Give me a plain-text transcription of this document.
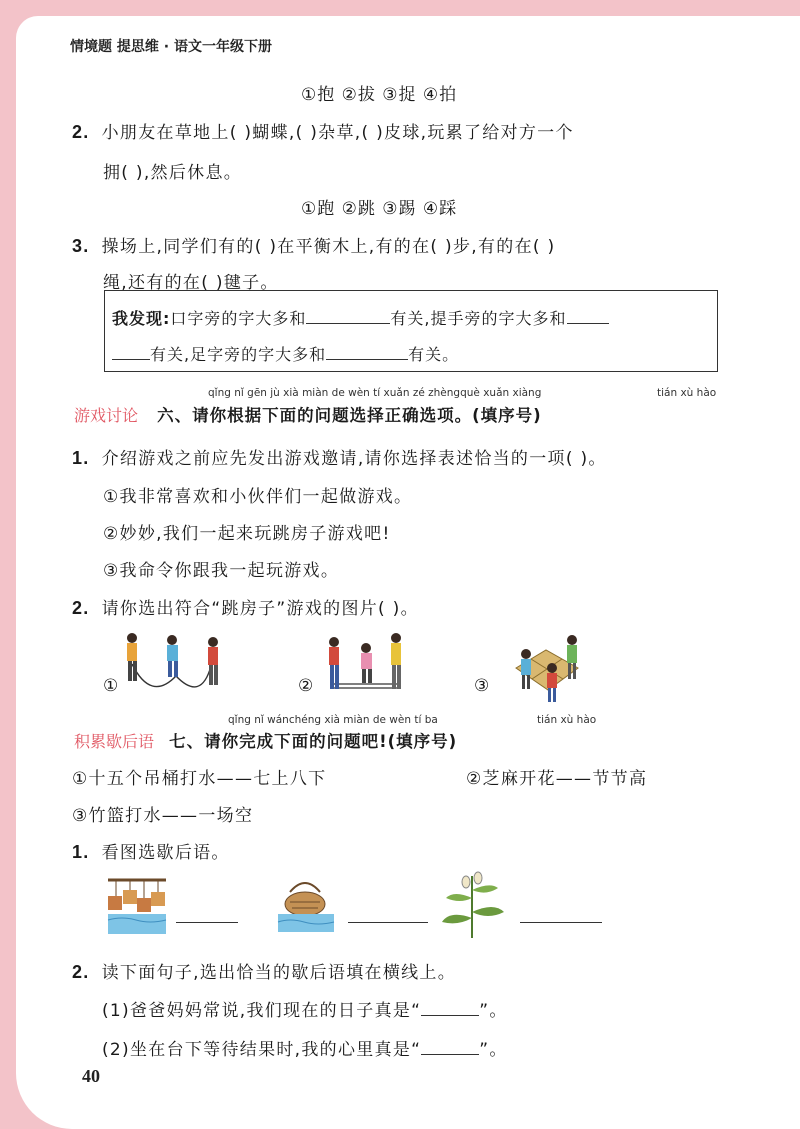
情境题 提思维 · 语文一年级下册
①抱 ②拔 ③捉 ④拍
2. 小朋友在草地上( )蝴蝶,( )杂草,( )皮球,玩累了给对方一个
拥( ),然后休息。
①跑 ②跳 ③踢 ④踩
3. 操场上,同学们有的( )在平衡木上,有的在( )步,有的在( )
绳,还有的在( )毽子。
我发现:口字旁的字大多和	有关,提手旁的字大多和
有关,足字旁的字大多和	有关。
qǐng nǐ gēn jù xià miàn de wèn tí xuǎn zé zhèngquè xuǎn xiàng	tián xù hào
游戏讨论 六、请你根据下面的问题选择正确选项。(填序号)
1. 介绍游戏之前应先发出游戏邀请,请你选择表述恰当的一项( )。
①我非常喜欢和小伙伴们一起做游戏。
②妙妙,我们一起来玩跳房子游戏吧!
③我命令你跟我一起玩游戏。
2. 请你选出符合“跳房子”游戏的图片( )。
①	②	③
qǐng nǐ wánchéng xià miàn de wèn tí ba	tián xù hào
积累歇后语 七、请你完成下面的问题吧!(填序号)
①十五个吊桶打水——七上八下	②芝麻开花——节节高
③竹篮打水——一场空
1. 看图选歇后语。
2. 读下面句子,选出恰当的歇后语填在横线上。
(1)爸爸妈妈常说,我们现在的日子真是“	”。
(2)坐在台下等待结果时,我的心里真是“	”。
40
